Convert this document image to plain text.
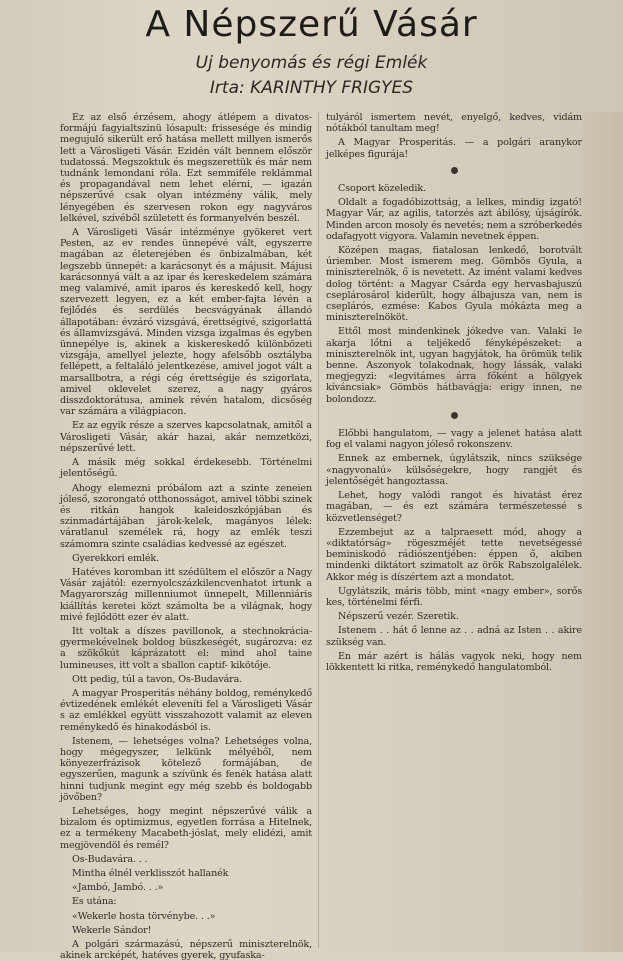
A Népszerű Vásár
Uj benyomás és régi Emlék
Irta: KARINTHY FRIGYES

Ez az első érzésem, ahogy átlépem a divatos-formájú fagyialtszinü lósapult: frissesége és mindig megujuló sikerült erő hatása mellett millyen ismerős lett a Városligeti Vásár. Ezidén vált bennem először tudatossá. Megszoktuk és megszerettük és már nem tudnánk lemondani róla. Ezt semmiféle reklámmal és propagandával nem lehet elérni, — igazán népszerűvé csak olyan intézmény válik, mely lényegében és szervesen rokon egy nagyváros lelkével, szívéből született és formanyelvén beszél.

A Városligeti Vásár intézménye gyökeret vert Pesten, az ev rendes ünnepévé vált, egyszerre magában az életerejében és önbizalmában, két legszebb ünnepét: a karácsonyt és a májusit. Májusi karácsonnyá vált a az ipar és kereskedelem számára meg valamivé, amit iparos és kereskedő kell, hogy szervezett legyen, ez a két ember-fajta lévén a fejlődés és serdülés becsvágyának állandó állapotában: évzáró vizsgává, érettségivé, szigorlattá és államvizsgává. Minden vizsga izgalmas és egyben ünnepélye is, akinek a kiskereskedő különbözeti vizsgája, amellyel jelezte, hogy afelsőbb osztályba fellépett, a feltaláló jelentkezése, amivel jogot vált a marsallbotra, a régi cég érettségije és szigorlata, amivel oklevelet szerez, a nagy gyáros disszdoktorátusa, aminek révén hatalom, dicsőség var számára a világpiacon.

Ez az egyik része a szerves kapcsolatnak, amitől a Városligeti Vásár, akár hazai, akár nemzetközi, népszerűvé lett.

A másik még sokkal érdekesebb. Történelmi jelentőségű.

Ahogy elemezni próbálom azt a szinte zeneien jóleső, szorongató otthonosságot, amivel többi szinek és ritkán hangok kaleidoszkópjában és szinmadártájában járok-kelek, magányos lélek: váratlanul személek rá, hogy az emlék teszi számomra szinte családias kedvessé az egészet.

Gyerekkori emlék.

Hatéves koromban itt szédültem el először a Nagy Vásár zajától: ezernyolcszázkilencvenhatot irtunk a Magyarország millenniumot ünnepelt, Millenniáris kiállítás keretei közt számolta be a világnak, hogy mivé fejlődött ezer év alatt.

Itt voltak a díszes pavillonok, a stechnokrácia- gyermekévelnek boldog büszkeségét, sugározva: ez a szökőkút káprázatott el: mind ahol taine lumineuses, itt volt a sballon captif- kikötője.

Ott pedig, túl a tavon, Os-Budavára.

A magyar Prosperitás néhány boldog, reménykedő évtizedének emlékét eleveníti fel a Városligeti Vásár s az emlékkel együtt visszahozott valamit az eleven reménykedő és hinakodásból is.

Istenem, — lehetséges volna? Lehetséges volna, hogy mégegyszer, lelkünk mélyéből, nem könyezerfrázisok kötelező formájában, de egyszerűen, magunk a szívünk és fenék hatása alatt hinni tudjunk megint egy még szebb és boldogabb jövőben?

Lehetséges, hogy megint népszerűvé válik a bizalom és optimizmus, egyetlen forrása a Hitelnek, ez a termékeny Macabeth-jóslat, mely elidézi, amit megjövendöl és remél?

Os-Budavára. . .

Mintha élnél verklisszót hallanék

«Jambó, Jambó. . .»

Es utána:

«Wekerle hosta törvénybe. . .»

Wekerle Sándor!

A polgári származású, népszerű miniszterelnök, akinek arcképét, hatéves gyerek, gyufaska-

tulyáról ismertem nevét, enyelgő, kedves, vidám nótákból tanultam meg!

A Magyar Prosperitás. — a polgári aranykor jelképes figurája!

Csoport közeledik.

Oldalt a fogadóbizottság, a lelkes, mindig izgató! Magyar Vár, az agilis, tatorzés azt ábilósy, újságírók. Minden arcon mosoly és nevetés; nem a szróberkedés odafagyott vigyora. Valamin nevetnek éppen.

Középen magas, fiatalosan lenkedő, borotvált úriember. Most ismerem meg. Gömbös Gyula, a miniszterelnök, ő is nevetett. Az imént valami kedves dolog történt: a Magyar Csárda egy hervasbajuszú cseplárosárol kiderült, hogy álbajusza van, nem is cseplárós, ezmése: Kabos Gyula mókázta meg a miniszterelnököt.

Ettől most mindenkinek jókedve van. Valaki le akarja lőtni a teljékedő fényképészeket: a miniszterelnök int, ugyan hagyjátok, ha örömük telik benne. Aszonyok tolakodnak, hogy lássák, valaki megjegyzi: «legvitámes árra főként a hölgyek kíváncsiak» Gömbös hátbavágja: erigy innen, ne bolondozz.

Előbbi hangulatom, — vagy a jelenet hatása alatt fog el valami nagyon jóleső rokonszenv.

Ennek az embernek, úgylátszik, nincs szüksége «nagyvonalú» külsőségekre, hogy rangjét és jelentőségét hangoztassa.

Lehet, hogy valódi rangot és hivatást érez magában, — és ezt számára természetessé s közvetlenséget?

Ezzembejut az a talpraesett mód, ahogy a «diktatórság» rögeszméjét tette nevetségessé beminiskodó rádiószentjében: éppen ő, akiben mindenki diktátort szimatolt az örök Rabszolgalélek. Akkor még is díszértem azt a mondatot.

Ugylátszik, máris több, mint «nagy ember», sorős kes, történelmi férfi.

Népszerű vezér. Szeretik.

Istenem . . hát ő lenne az . . adná az Isten . . akire szükség van.

En már azért is hálás vagyok neki, hogy nem lökkentett ki ritka, reménykedő hangulatomból.
